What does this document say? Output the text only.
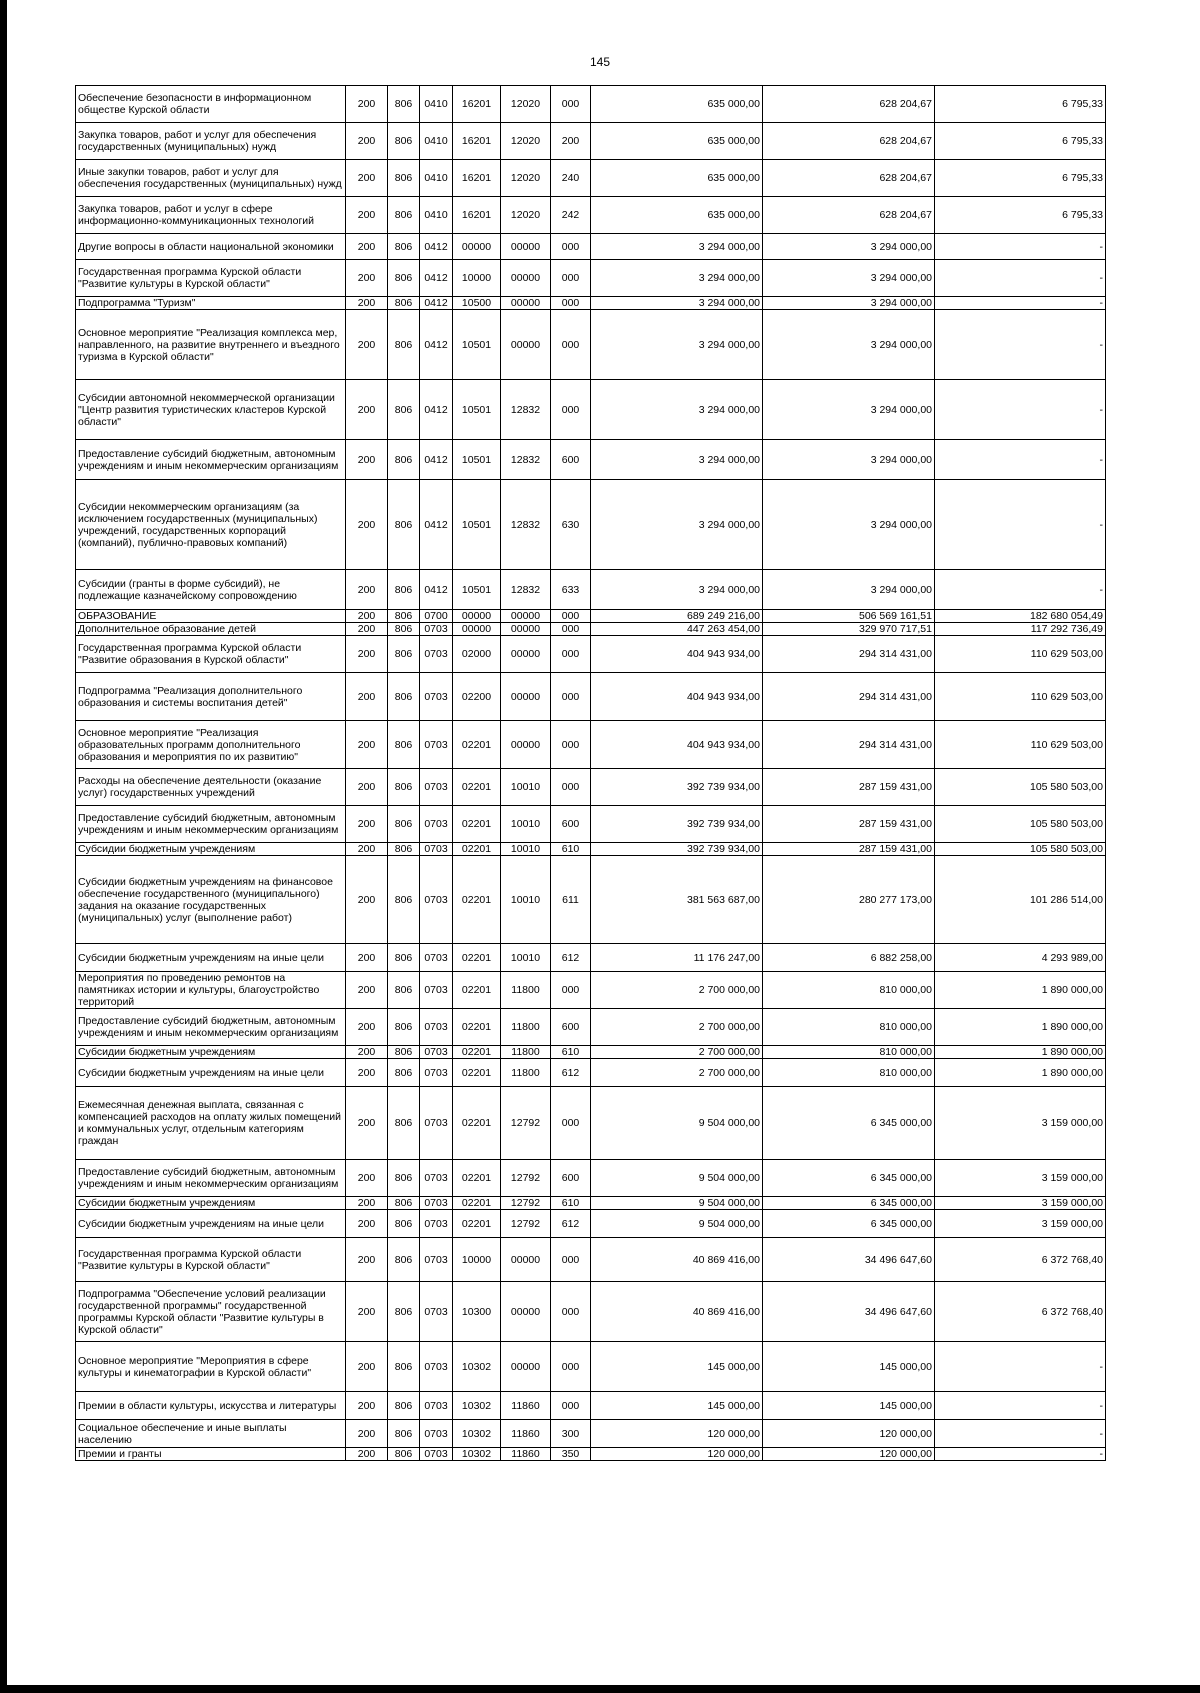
145
Обеспечение безопасности в информационном обществе Курской области	200	806	0410	16201	12020	000	635 000,00	628 204,67	6 795,33
Закупка товаров, работ и услуг для обеспечения государственных (муниципальных) нужд	200	806	0410	16201	12020	200	635 000,00	628 204,67	6 795,33
Иные закупки товаров, работ и услуг для обеспечения государственных (муниципальных) нужд	200	806	0410	16201	12020	240	635 000,00	628 204,67	6 795,33
Закупка товаров, работ и услуг в сфере информационно-коммуникационных технологий	200	806	0410	16201	12020	242	635 000,00	628 204,67	6 795,33
Другие вопросы в области национальной экономики	200	806	0412	00000	00000	000	3 294 000,00	3 294 000,00	-
Государственная программа Курской области "Развитие культуры в Курской области"	200	806	0412	10000	00000	000	3 294 000,00	3 294 000,00	-
Подпрограмма "Туризм"	200	806	0412	10500	00000	000	3 294 000,00	3 294 000,00	-
Основное мероприятие "Реализация комплекса мер, направленного, на развитие внутреннего и въездного туризма в Курской области"	200	806	0412	10501	00000	000	3 294 000,00	3 294 000,00	-
Субсидии автономной некоммерческой организации "Центр развития туристических кластеров Курской области"	200	806	0412	10501	12832	000	3 294 000,00	3 294 000,00	-
Предоставление субсидий бюджетным, автономным учреждениям и иным некоммерческим организациям	200	806	0412	10501	12832	600	3 294 000,00	3 294 000,00	-
Субсидии некоммерческим организациям (за исключением государственных (муниципальных) учреждений, государственных корпораций (компаний), публично-правовых компаний)	200	806	0412	10501	12832	630	3 294 000,00	3 294 000,00	-
Субсидии (гранты в форме субсидий), не подлежащие казначейскому сопровождению	200	806	0412	10501	12832	633	3 294 000,00	3 294 000,00	-
ОБРАЗОВАНИЕ	200	806	0700	00000	00000	000	689 249 216,00	506 569 161,51	182 680 054,49
Дополнительное образование детей	200	806	0703	00000	00000	000	447 263 454,00	329 970 717,51	117 292 736,49
Государственная программа Курской области "Развитие образования в Курской области"	200	806	0703	02000	00000	000	404 943 934,00	294 314 431,00	110 629 503,00
Подпрограмма "Реализация дополнительного образования и системы воспитания детей"	200	806	0703	02200	00000	000	404 943 934,00	294 314 431,00	110 629 503,00
Основное мероприятие "Реализация образовательных программ дополнительного образования и мероприятия по их развитию"	200	806	0703	02201	00000	000	404 943 934,00	294 314 431,00	110 629 503,00
Расходы на обеспечение деятельности (оказание услуг) государственных учреждений	200	806	0703	02201	10010	000	392 739 934,00	287 159 431,00	105 580 503,00
Предоставление субсидий бюджетным, автономным учреждениям и иным некоммерческим организациям	200	806	0703	02201	10010	600	392 739 934,00	287 159 431,00	105 580 503,00
Субсидии бюджетным учреждениям	200	806	0703	02201	10010	610	392 739 934,00	287 159 431,00	105 580 503,00
Субсидии бюджетным учреждениям на финансовое обеспечение государственного (муниципального) задания на оказание государственных (муниципальных) услуг (выполнение работ)	200	806	0703	02201	10010	611	381 563 687,00	280 277 173,00	101 286 514,00
Субсидии бюджетным учреждениям на иные цели	200	806	0703	02201	10010	612	11 176 247,00	6 882 258,00	4 293 989,00
Мероприятия по проведению ремонтов на памятниках истории и культуры, благоустройство территорий	200	806	0703	02201	11800	000	2 700 000,00	810 000,00	1 890 000,00
Предоставление субсидий бюджетным, автономным учреждениям и иным некоммерческим организациям	200	806	0703	02201	11800	600	2 700 000,00	810 000,00	1 890 000,00
Субсидии бюджетным учреждениям	200	806	0703	02201	11800	610	2 700 000,00	810 000,00	1 890 000,00
Субсидии бюджетным учреждениям на иные цели	200	806	0703	02201	11800	612	2 700 000,00	810 000,00	1 890 000,00
Ежемесячная денежная выплата, связанная с компенсацией расходов на оплату жилых помещений и коммунальных услуг, отдельным категориям граждан	200	806	0703	02201	12792	000	9 504 000,00	6 345 000,00	3 159 000,00
Предоставление субсидий бюджетным, автономным учреждениям и иным некоммерческим организациям	200	806	0703	02201	12792	600	9 504 000,00	6 345 000,00	3 159 000,00
Субсидии бюджетным учреждениям	200	806	0703	02201	12792	610	9 504 000,00	6 345 000,00	3 159 000,00
Субсидии бюджетным учреждениям на иные цели	200	806	0703	02201	12792	612	9 504 000,00	6 345 000,00	3 159 000,00
Государственная программа Курской области "Развитие культуры в Курской области"	200	806	0703	10000	00000	000	40 869 416,00	34 496 647,60	6 372 768,40
Подпрограмма "Обеспечение условий реализации государственной программы" государственной программы Курской области "Развитие культуры в Курской области"	200	806	0703	10300	00000	000	40 869 416,00	34 496 647,60	6 372 768,40
Основное мероприятие "Мероприятия в сфере культуры и кинематографии в Курской области"	200	806	0703	10302	00000	000	145 000,00	145 000,00	-
Премии в области культуры, искусства и литературы	200	806	0703	10302	11860	000	145 000,00	145 000,00	-
Социальное обеспечение и иные выплаты населению	200	806	0703	10302	11860	300	120 000,00	120 000,00	-
Премии и гранты	200	806	0703	10302	11860	350	120 000,00	120 000,00	-
